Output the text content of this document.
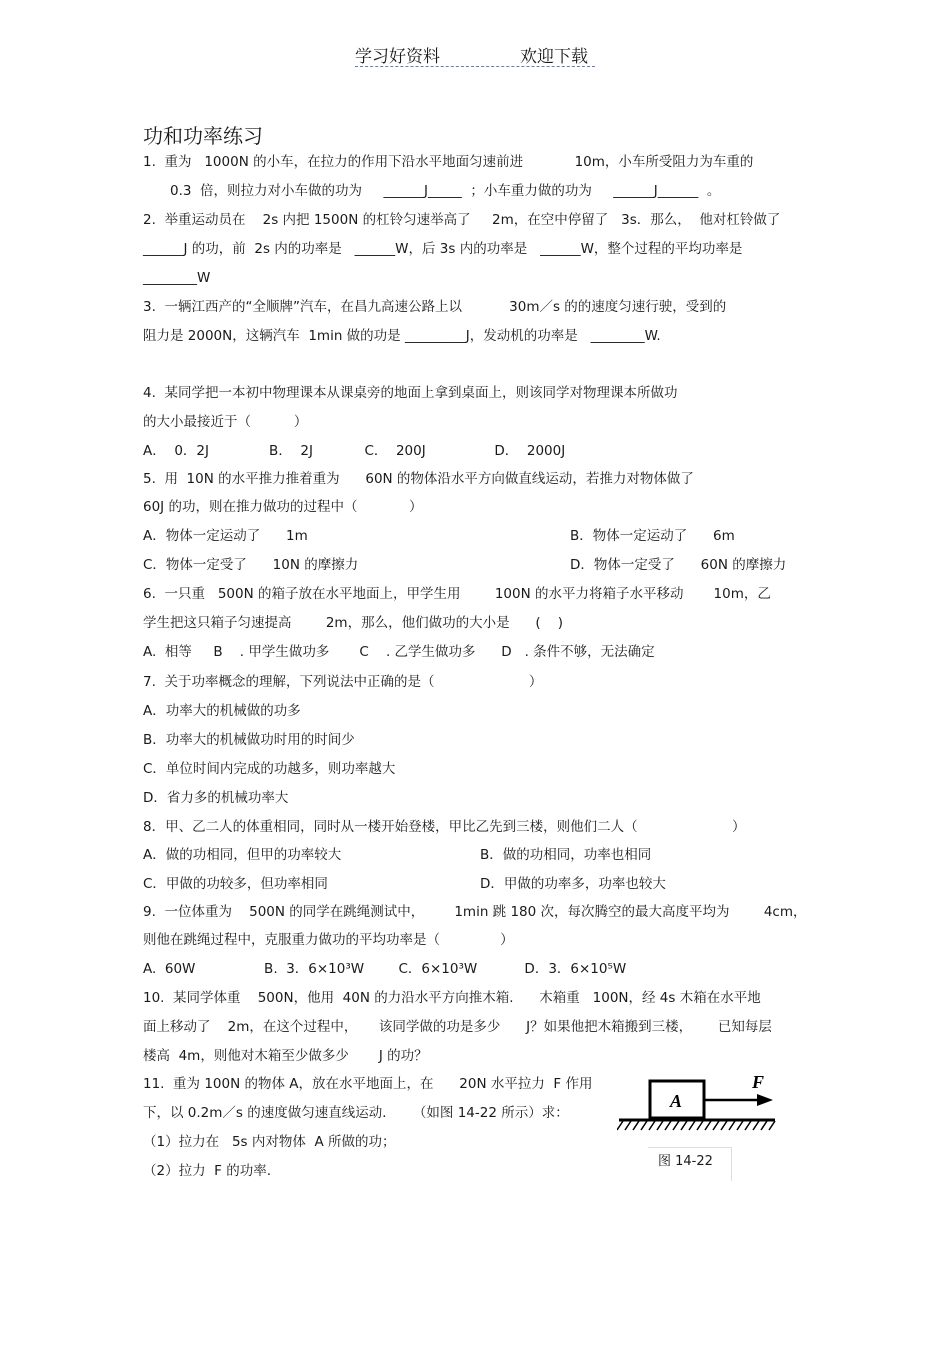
学习好资料	欢迎下载
功和功率练习
1.  重为   1000N 的小车，在拉力的作用下沿水平地面匀速前进            10m，小车所受阻力为车重的
0.3  倍，则拉力对小车做的功为     ______J_____  ；小车重力做的功为     ______J______  。
2.  举重运动员在    2s 内把 1500N 的杠铃匀速举高了     2m，在空中停留了   3s．那么，  他对杠铃做了
______J 的功，前  2s 内的功率是   ______W，后 3s 内的功率是   ______W，整个过程的平均功率是
________W
3.  一辆江西产的“全顺牌”汽车，在昌九高速公路上以           30m／s 的的速度匀速行驶，受到的
阻力是 2000N，这辆汽车  1min 做的功是 _________J，发动机的功率是   ________W.
4.  某同学把一本初中物理课本从课桌旁的地面上拿到桌面上，则该同学对物理课本所做功
的大小最接近于（          ）
A．  0．2J              B．  2J            C．  200J                D．  2000J
5.  用  10N 的水平推力推着重为      60N 的物体沿水平方向做直线运动，若推力对物体做了
60J 的功，则在推力做功的过程中（            ）
A．物体一定运动了      1m	B．物体一定运动了      6m
C．物体一定受了      10N 的摩擦力	D．物体一定受了      60N 的摩擦力
6.  一只重   500N 的箱子放在水平地面上，甲学生用        100N 的水平力将箱子水平移动       10m，乙
学生把这只箱子匀速提高        2m，那么，他们做功的大小是      (    )
A.  相等     B    . 甲学生做功多       C    . 乙学生做功多      D   . 条件不够，无法确定
7.  关于功率概念的理解，下列说法中正确的是（                      ）
A．功率大的机械做的功多
B．功率大的机械做功时用的时间少
C．单位时间内完成的功越多，则功率越大
D．省力多的机械功率大
8．甲、乙二人的体重相同，同时从一楼开始登楼，甲比乙先到三楼，则他们二人（                      ）
A．做的功相同，但甲的功率较大	B．做的功相同，功率也相同
C．甲做的功较多，但功率相同	D．甲做的功率多，功率也较大
9.  一位体重为    500N 的同学在跳绳测试中，       1min 跳 180 次，每次腾空的最大高度平均为        4cm，
则他在跳绳过程中，克服重力做功的平均功率是（              ）
A.  60W                B.  3．6×10³W        C．6×10³W           D．3．6×10⁵W
10.  某同学体重    500N，他用  40N 的力沿水平方向推木箱.      木箱重   100N，经 4s 木箱在水平地
面上移动了    2m，在这个过程中，     该同学做的功是多少      J？如果他把木箱搬到三楼，      已知每层
楼高  4m，则他对木箱至少做多少       J 的功？
11.  重为 100N 的物体 A，放在水平地面上，在      20N 水平拉力  F 作用
下，以 0.2m／s 的速度做匀速直线运动．    （如图 14-22 所示）求：
（1）拉力在   5s 内对物体  A 所做的功；
（2）拉力  F 的功率.
A
F
图 14-22
